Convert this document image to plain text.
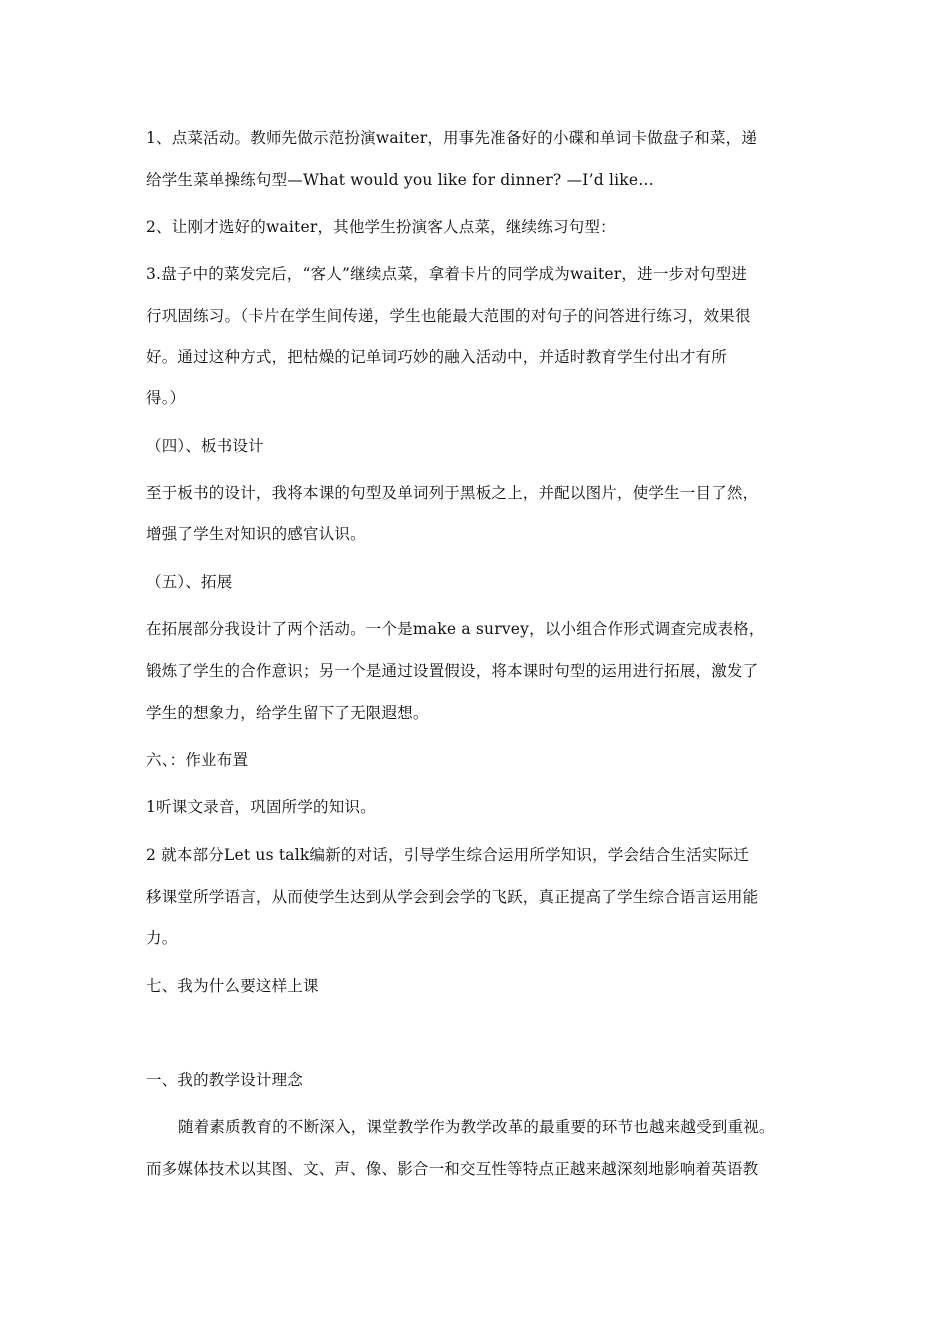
1、点菜活动。教师先做示范扮演waiter，用事先准备好的小碟和单词卡做盘子和菜，递
给学生菜单操练句型—What would you like for dinner? —I’d like…
2、让刚才选好的waiter，其他学生扮演客人点菜，继续练习句型：
3.盘子中的菜发完后，“客人”继续点菜，拿着卡片的同学成为waiter，进一步对句型进
行巩固练习。（卡片在学生间传递，学生也能最大范围的对句子的问答进行练习，效果很
好。通过这种方式，把枯燥的记单词巧妙的融入活动中，并适时教育学生付出才有所
得。）
（四）、板书设计
至于板书的设计，我将本课的句型及单词列于黑板之上，并配以图片，使学生一目了然，
增强了学生对知识的感官认识。
（五）、拓展
在拓展部分我设计了两个活动。一个是make a survey，以小组合作形式调查完成表格，
锻炼了学生的合作意识；另一个是通过设置假设，将本课时句型的运用进行拓展，激发了
学生的想象力，给学生留下了无限遐想。
六、：作业布置
1听课文录音，巩固所学的知识。
2 就本部分Let us talk编新的对话，引导学生综合运用所学知识，学会结合生活实际迁
移课堂所学语言，从而使学生达到从学会到会学的飞跃，真正提高了学生综合语言运用能
力。
七、我为什么要这样上课
一、我的教学设计理念
随着素质教育的不断深入，课堂教学作为教学改革的最重要的环节也越来越受到重视。
而多媒体技术以其图、文、声、像、影合一和交互性等特点正越来越深刻地影响着英语教
